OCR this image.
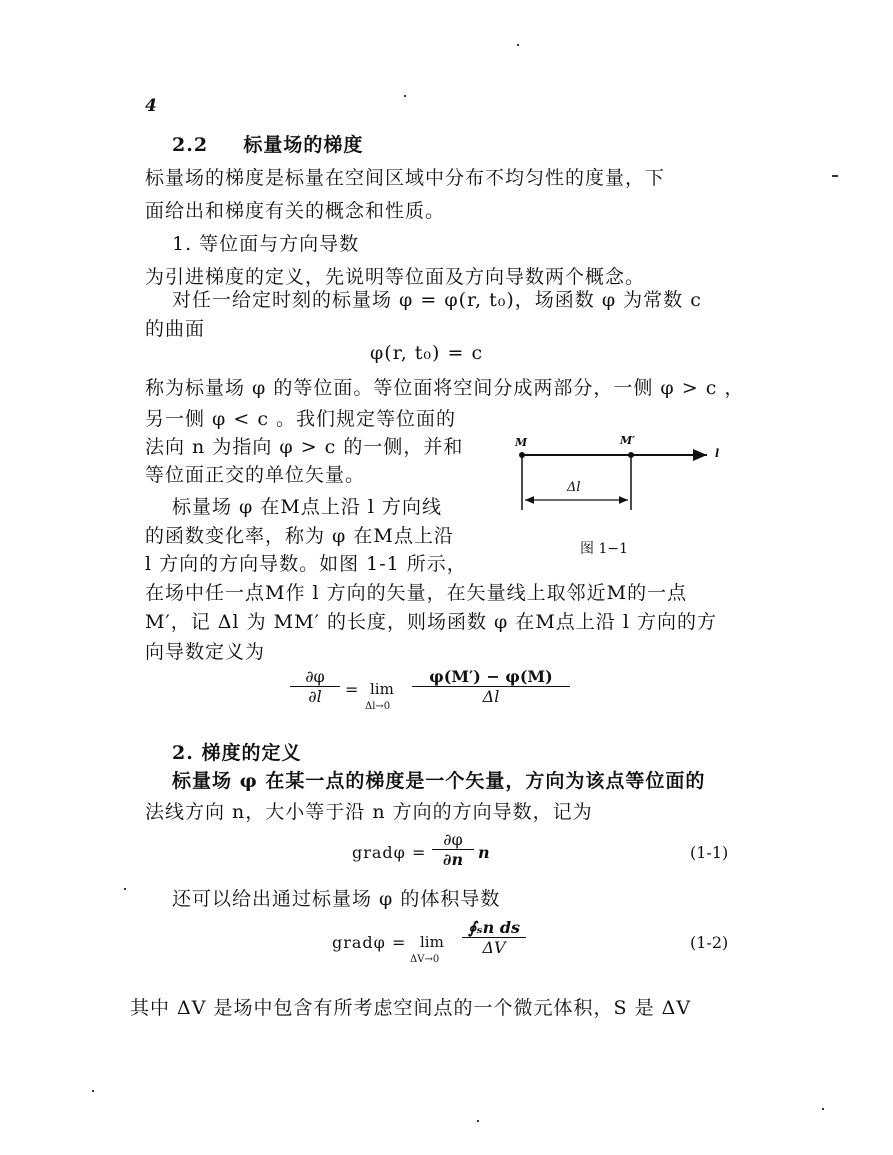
4
2.2 标量场的梯度
标量场的梯度是标量在空间区域中分布不均匀性的度量，下
面给出和梯度有关的概念和性质。
1. 等位面与方向导数
为引进梯度的定义，先说明等位面及方向导数两个概念。
对任一给定时刻的标量场 φ = φ(r, t₀)，场函数 φ 为常数 c
的曲面
φ(r, t₀) = c
称为标量场 φ 的等位面。等位面将空间分成两部分，一侧 φ > c ，
另一侧 φ < c 。我们规定等位面的
法向 n 为指向 φ > c 的一侧，并和
等位面正交的单位矢量。
标量场 φ 在M点上沿 l 方向线
的函数变化率，称为 φ 在M点上沿
l 方向的方向导数。如图 1-1 所示，
在场中任一点M作 l 方向的矢量，在矢量线上取邻近M的一点
M′，记 Δl 为 MM′ 的长度，则场函数 φ 在M点上沿 l 方向的方
向导数定义为
M	M′
l
Δl
图 1−1
∂φ
∂l	= lim
Δl→0
φ(M′) − φ(M)
Δl
2. 梯度的定义
标量场 φ 在某一点的梯度是一个矢量，方向为该点等位面的
法线方向 n，大小等于沿 n 方向的方向导数，记为
gradφ =
∂φ
∂n n	(1-1)
还可以给出通过标量场 φ 的体积导数
gradφ = lim
ΔV→0
∮ₛn ds
ΔV	(1-2)
其中 ΔV 是场中包含有所考虑空间点的一个微元体积，S 是 ΔV
